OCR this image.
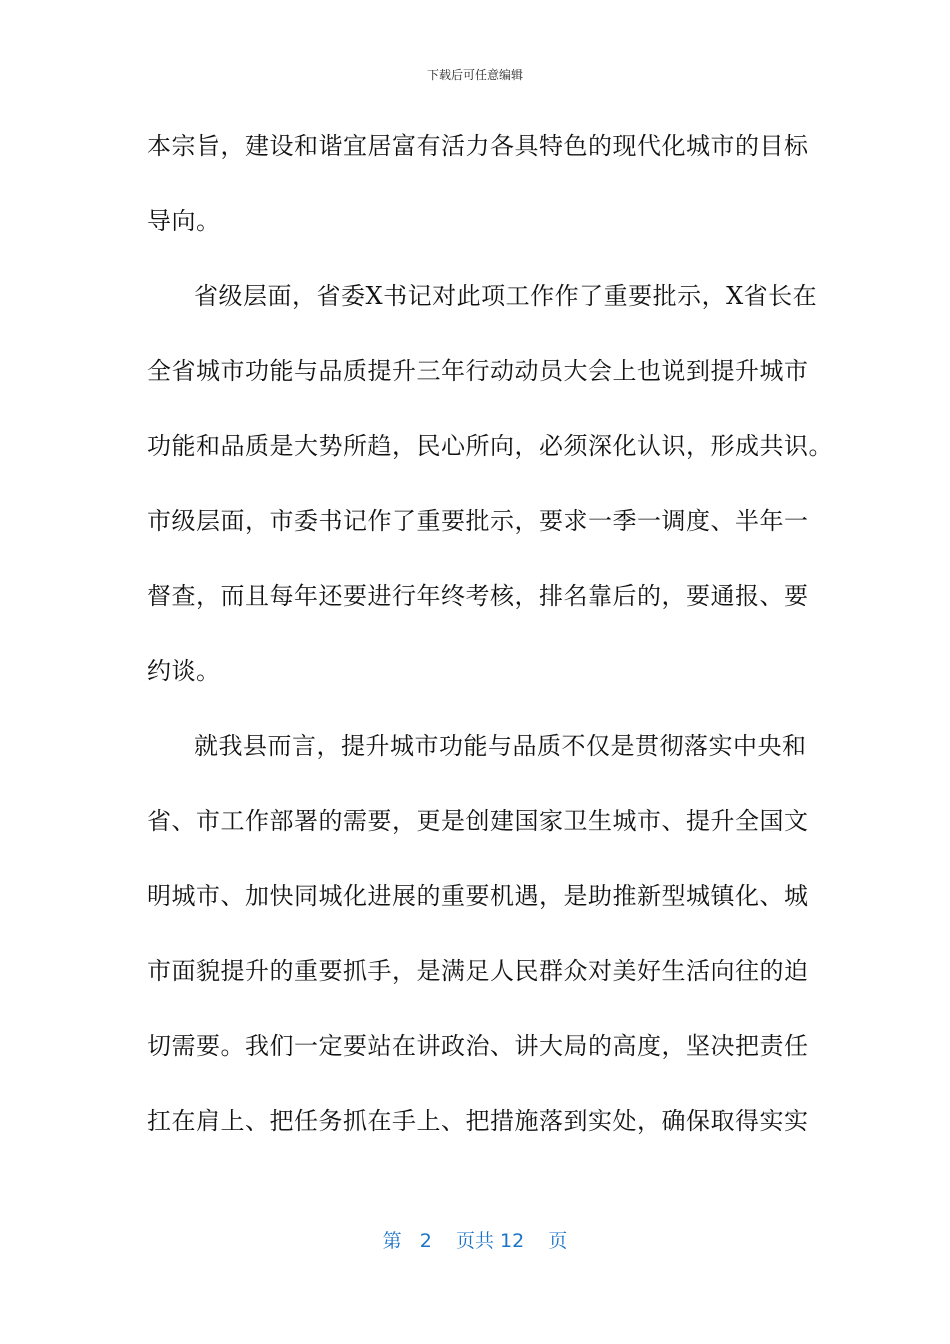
下载后可任意编辑
本宗旨，建设和谐宜居富有活力各具特色的现代化城市的目标
导向。
省级层面，省委X书记对此项工作作了重要批示，X省长在
全省城市功能与品质提升三年行动动员大会上也说到提升城市
功能和品质是大势所趋，民心所向，必须深化认识，形成共识。
市级层面，市委书记作了重要批示，要求一季一调度、半年一
督查，而且每年还要进行年终考核，排名靠后的，要通报、要
约谈。
就我县而言，提升城市功能与品质不仅是贯彻落实中央和
省、市工作部署的需要，更是创建国家卫生城市、提升全国文
明城市、加快同城化进展的重要机遇，是助推新型城镇化、城
市面貌提升的重要抓手，是满足人民群众对美好生活向往的迫
切需要。我们一定要站在讲政治、讲大局的高度，坚决把责任
扛在肩上、把任务抓在手上、把措施落到实处，确保取得实实
第 2 页共 12 页
